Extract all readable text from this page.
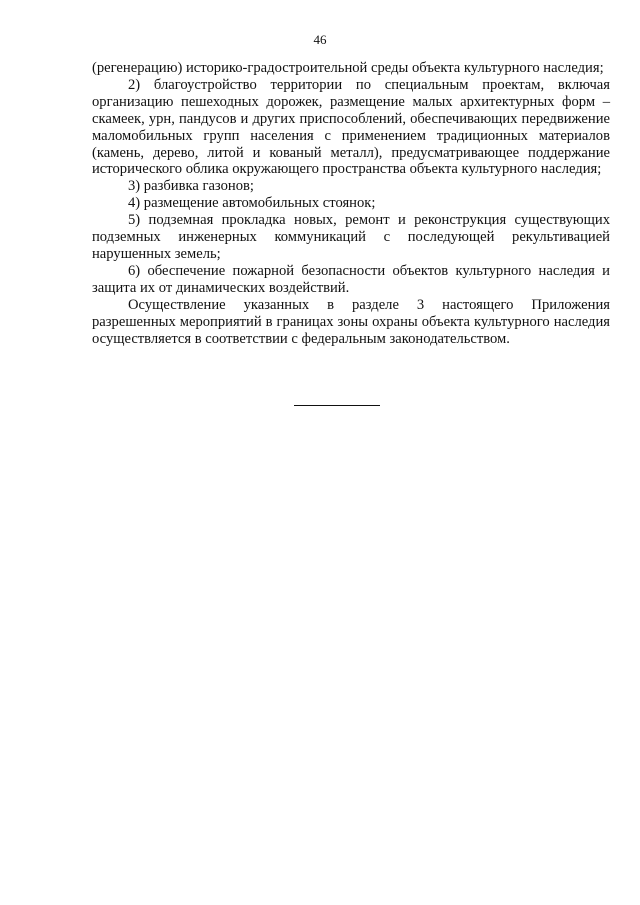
46

(регенерацию) историко-градостроительной среды объекта культурного наследия;

2) благоустройство территории по специальным проектам, включая организацию пешеходных дорожек, размещение малых архитектурных форм – скамеек, урн, пандусов и других приспособлений, обеспечивающих передвижение маломобильных групп населения с применением традиционных материалов (камень, дерево, литой и кованый металл), предусматривающее поддержание исторического облика окружающего пространства объекта культурного наследия;

3) разбивка газонов;

4) размещение автомобильных стоянок;

5) подземная прокладка новых, ремонт и реконструкция существующих подземных инженерных коммуникаций с последующей рекультивацией нарушенных земель;

6) обеспечение пожарной безопасности объектов культурного наследия и защита их от динамических воздействий.

Осуществление указанных в разделе 3 настоящего Приложения разрешенных мероприятий в границах зоны охраны объекта культурного наследия осуществляется в соответствии с федеральным законодательством.
